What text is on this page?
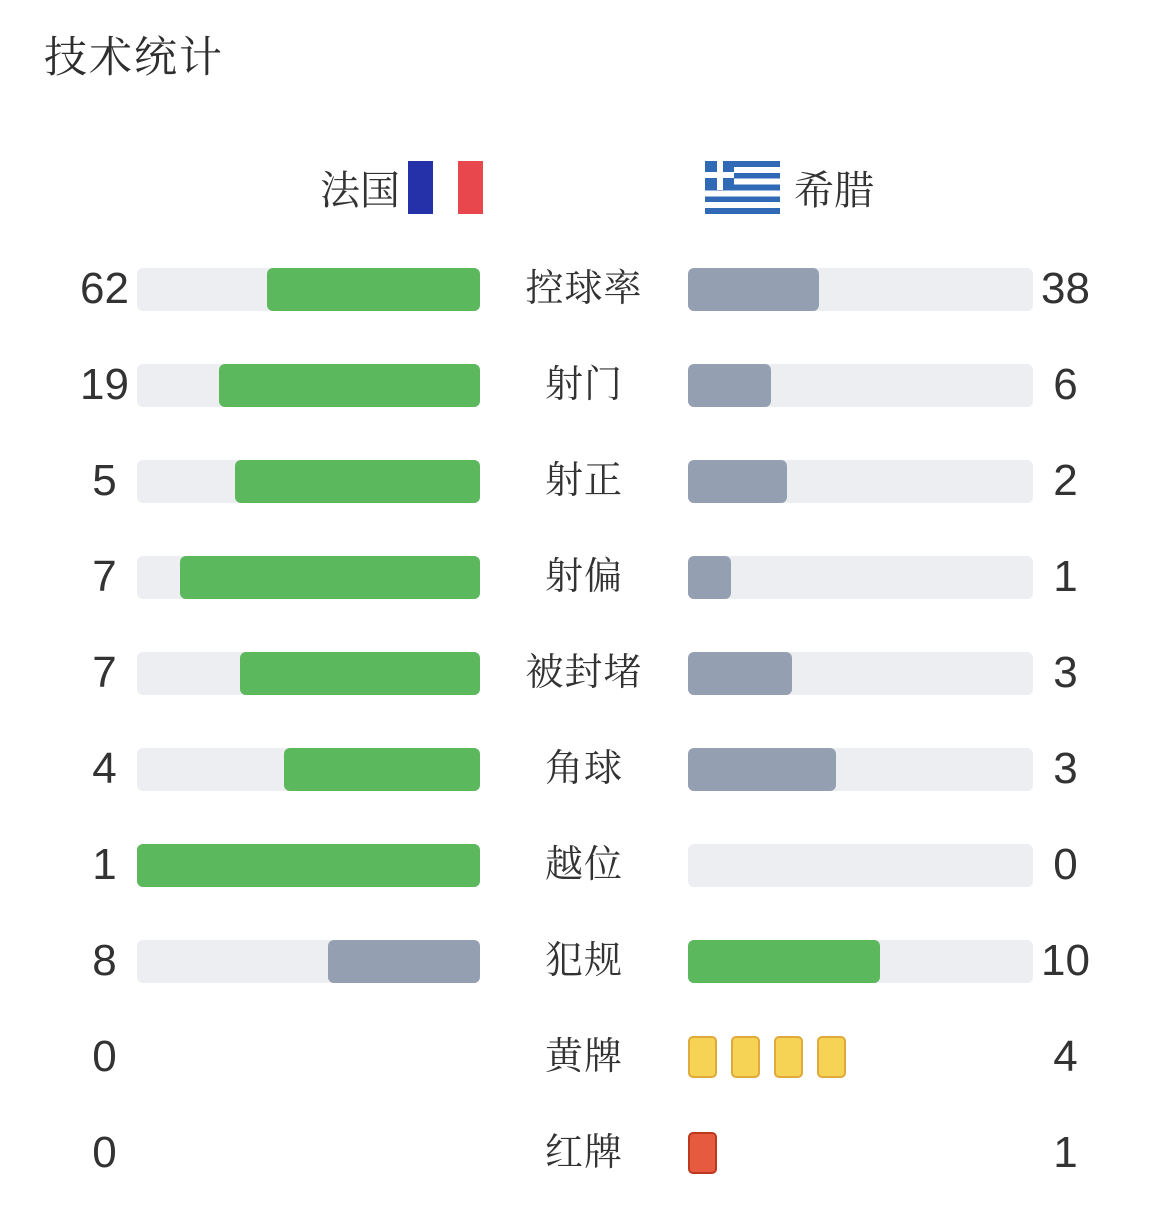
技术统计
法国	希腊
62	控球率	38
19	射门	6
5	射正	2
7	射偏	1
7	被封堵	3
4	角球	3
1	越位	0
8	犯规	10
0	黄牌	4
0	红牌	1
